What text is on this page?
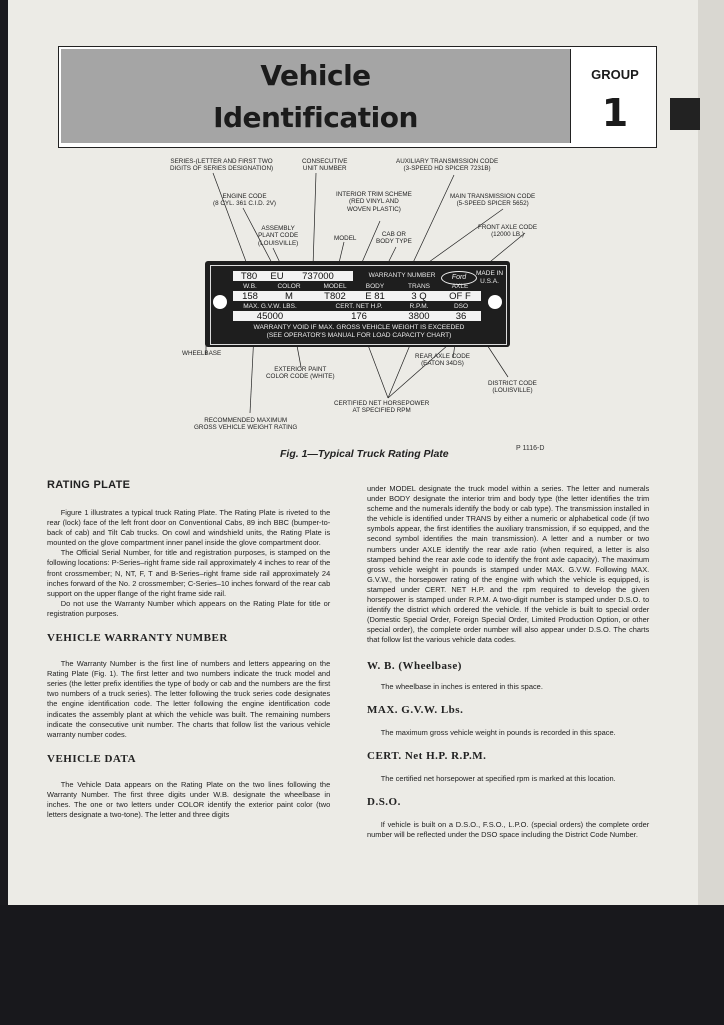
Vehicle
Identification
GROUP
1
SERIES-(LETTER AND FIRST TWO
DIGITS OF SERIES DESIGNATION)
CONSECUTIVE
UNIT NUMBER
AUXILIARY TRANSMISSION CODE
(3-SPEED HD SPICER 7231B)
ENGINE CODE
(8 CYL. 361 C.I.D. 2V)
INTERIOR TRIM SCHEME
(RED VINYL AND
WOVEN PLASTIC)
MAIN TRANSMISSION CODE
(5-SPEED SPICER 5652)
ASSEMBLY
PLANT CODE
(LOUISVILLE)
MODEL
CAB OR
BODY TYPE
FRONT AXLE CODE
(12000 LB.)
WHEELBASE
EXTERIOR PAINT
COLOR CODE (WHITE)
REAR AXLE CODE
(EATON 34DS)
DISTRICT CODE
(LOUISVILLE)
CERTIFIED NET HORSEPOWER
AT SPECIFIED RPM
RECOMMENDED MAXIMUM
GROSS VEHICLE WEIGHT RATING
T80	EU	737000	WARRANTY NUMBER	Ford
MADE IN
U.S.A.
W.B.	COLOR	MODEL	BODY	TRANS	AXLE
158	M	T802	E 81	3 Q	OF F
MAX. G.V.W. LBS.	CERT. NET H.P.	R.P.M.	DSO
45000	176	3800	36
WARRANTY VOID IF MAX. GROSS VEHICLE WEIGHT IS EXCEEDED
(SEE OPERATOR'S MANUAL FOR LOAD CAPACITY CHART)
Fig. 1—Typical Truck Rating Plate	P 1116-D
RATING PLATE

Figure 1 illustrates a typical truck Rating Plate. The Rating Plate is riveted to the rear (lock) face of the left front door on Conventional Cabs, 89 inch BBC (bumper-to-back of cab) and Tilt Cab trucks. On cowl and windshield units, the Rating Plate is mounted on the glove compartment inner panel inside the glove compartment door.

The Official Serial Number, for title and registration purposes, is stamped on the following locations: P-Series–right frame side rail approximately 4 inches to rear of the front crossmember; N, NT, F, T and B-Series–right frame side rail approximately 24 inches forward of the No. 2 crossmember; C-Series–10 inches forward of the rear cab support on the upper flange of the right frame side rail.

Do not use the Warranty Number which appears on the Rating Plate for title or registration purposes.

VEHICLE WARRANTY NUMBER

The Warranty Number is the first line of numbers and letters appearing on the Rating Plate (Fig. 1). The first letter and two numbers indicate the truck model and series (the letter prefix identifies the type of body or cab and the numbers are the first two numbers of a truck series). The letter following the truck series code designates the engine identification code. The letter following the engine identification code indicates the assembly plant at which the vehicle was built. The remaining numbers indicate the consecutive unit number. The charts that follow list the various vehicle warranty number codes.

VEHICLE DATA

The Vehicle Data appears on the Rating Plate on the two lines following the Warranty Number. The first three digits under W.B. designate the wheelbase in inches. The one or two letters under COLOR identify the exterior paint color (two letters designate a two-tone). The letter and three digits

under MODEL designate the truck model within a series. The letter and numerals under BODY designate the interior trim and body type (the letter identifies the trim scheme and the numerals identify the body or cab type). The transmission installed in the vehicle is identified under TRANS by either a numeric or alphabetical code (if two symbols appear, the first identifies the auxiliary transmission, if so equipped, and the second symbol identifies the main transmission). A letter and a number or two numbers under AXLE identify the rear axle ratio (when required, a letter is also stamped behind the rear axle code to identify the front axle capacity). The maximum gross vehicle weight in pounds is stamped under MAX. G.V.W. Following MAX. G.V.W., the horsepower rating of the engine with which the vehicle is equipped, is stamped under CERT. NET H.P. and the rpm required to develop the given horsepower is stamped under R.P.M. A two-digit number is stamped under D.S.O. to identify the district which ordered the vehicle. If the vehicle is built to special order (Domestic Special Order, Foreign Special Order, Limited Production Option, or other special order), the complete order number will also appear under D.S.O. The charts that follow list the various vehicle data codes.

W. B. (Wheelbase)

The wheelbase in inches is entered in this space.

MAX. G.V.W. Lbs.

The maximum gross vehicle weight in pounds is recorded in this space.

CERT. Net H.P. R.P.M.

The certified net horsepower at specified rpm is marked at this location.

D.S.O.

If vehicle is built on a D.S.O., F.S.O., L.P.O. (special orders) the complete order number will be reflected under the DSO space including the District Code Number.
